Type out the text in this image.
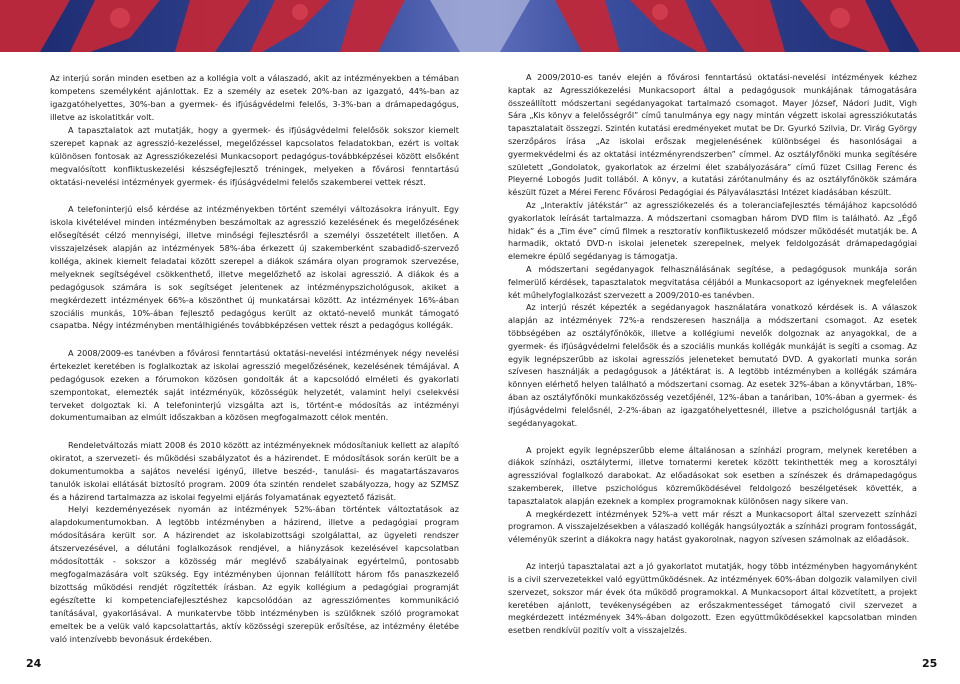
Az interjú során minden esetben az a kollégia volt a válaszadó, akit az intézményekben a témában kompetens személyként ajánlottak. Ez a személy az esetek 20%-ban az igazgató, 44%-ban az igazgatóhelyettes, 30%-ban a gyermek- és ifjúságvédelmi felelős, 3-3%-ban a drámapedagógus, illetve az iskolatitkár volt.

A tapasztalatok azt mutatják, hogy a gyermek- és ifjúságvédelmi felelősök sokszor kiemelt szerepet kapnak az agresszió-kezeléssel, megelőzéssel kapcsolatos feladatokban, ezért is voltak különösen fontosak az Agressziókezelési Munkacsoport pedagógus-továbbképzései között elsőként megvalósított konfliktuskezelési készségfejlesztő tréningek, melyeken a fővárosi fenntartású oktatási-nevelési intézmények gyermek- és ifjúságvédelmi felelős szakemberei vettek részt.

A telefoninterjú első kérdése az intézményekben történt személyi változásokra irányult. Egy iskola kivételével minden intézményben beszámoltak az agresszió kezelésének és megelőzésének elősegítését célzó mennyiségi, illetve minőségi fejlesztésről a személyi összetételt illetően. A visszajelzések alapján az intézmények 58%-ába érkezett új szakemberként szabadidő-szervező kolléga, akinek kiemelt feladatai között szerepel a diákok számára olyan programok szervezése, melyeknek segítségével csökkenthető, illetve megelőzhető az iskolai agresszió. A diákok és a pedagógusok számára is sok segítséget jelentenek az intézménypszichológusok, akiket a megkérdezett intézmények 66%-a köszönthet új munkatársai között. Az intézmények 16%-ában szociális munkás, 10%-ában fejlesztő pedagógus került az oktató-nevelő munkát támogató csapatba. Négy intézményben mentálhigiénés továbbképzésen vettek részt a pedagógus kollégák.

A 2008/2009-es tanévben a fővárosi fenntartású oktatási-nevelési intézmények négy nevelési értekezlet keretében is foglalkoztak az iskolai agresszió megelőzésének, kezelésének témájával. A pedagógusok ezeken a fórumokon közösen gondolták át a kapcsolódó elméleti és gyakorlati szempontokat, elemezték saját intézményük, közösségük helyzetét, valamint helyi cselekvési terveket dolgoztak ki. A telefoninterjú vizsgálta azt is, történt-e módosítás az intézményi dokumentumaiban az elmúlt időszakban a közösen megfogalmazott célok mentén.

Rendeletváltozás miatt 2008 és 2010 között az intézményeknek módosítaniuk kellett az alapító okiratot, a szervezeti- és működési szabályzatot és a házirendet. E módosítások során került be a dokumentumokba a sajátos nevelési igényű, illetve beszéd-, tanulási- és magatartászavaros tanulók iskolai ellátását biztosító program. 2009 óta szintén rendelet szabályozza, hogy az SZMSZ és a házirend tartalmazza az iskolai fegyelmi eljárás folyamatának egyeztető fázisát.

Helyi kezdeményezések nyomán az intézmények 52%-ában történtek változtatások az alapdokumentumokban. A legtöbb intézményben a házirend, illetve a pedagógiai program módosítására került sor. A házirendet az iskolabizottsági szolgálattal, az ügyeleti rendszer átszervezésével, a délutáni foglalkozások rendjével, a hiányzások kezelésével kapcsolatban módosították - sokszor a közösség már meglévő szabályainak egyértelmű, pontosabb megfogalmazására volt szükség. Egy intézményben újonnan felállított három fős panaszkezelő bizottság működési rendjét rögzítették írásban. Az egyik kollégium a pedagógiai programját egészítette ki kompetenciafejlesztéshez kapcsolódóan az agressziómentes kommunikáció tanításával, gyakorlásával. A munkatervbe több intézményben is szülőknek szóló programokat emeltek be a velük való kapcsolattartás, aktív közösségi szerepük erősítése, az intézmény életébe való intenzívebb bevonásuk érdekében.

A 2009/2010-es tanév elején a fővárosi fenntartású oktatási-nevelési intézmények kézhez kaptak az Agressziókezelési Munkacsoport által a pedagógusok munkájának támogatására összeállított módszertani segédanyagokat tartalmazó csomagot. Mayer József, Nádori Judit, Vigh Sára „Kis könyv a felelősségről” című tanulmánya egy nagy mintán végzett iskolai agressziókutatás tapasztalatait összegzi. Szintén kutatási eredményeket mutat be Dr. Gyurkó Szilvia, Dr. Virág György szerzőpáros írása „Az iskolai erőszak megjelenésének különbségei és hasonlóságai a gyermekvédelmi és az oktatási intézményrendszerben” címmel. Az osztályfőnöki munka segítésére született „Gondolatok, gyakorlatok az érzelmi élet szabályozására” című füzet Csillag Ferenc és Pleyerné Lobogós Judit tollából. A könyv, a kutatási zárótanulmány és az osztályfőnökök számára készült füzet a Mérei Ferenc Fővárosi Pedagógiai és Pályaválasztási Intézet kiadásában készült.

Az „Interaktív játékstár” az agressziókezelés és a toleranciafejlesztés témájához kapcsolódó gyakorlatok leírását tartalmazza. A módszertani csomagban három DVD film is található. Az „Égő hidak” és a „Tim éve” című filmek a resztoratív konfliktuskezelő módszer működését mutatják be. A harmadik, oktató DVD-n iskolai jelenetek szerepelnek, melyek feldolgozását drámapedagógiai elemekre épülő segédanyag is támogatja.

A módszertani segédanyagok felhasználásának segítése, a pedagógusok munkája során felmerülő kérdések, tapasztalatok megvitatása céljából a Munkacsoport az igényeknek megfelelően két műhelyfoglalkozást szervezett a 2009/2010-es tanévben.

Az interjú részét képezték a segédanyagok használatára vonatkozó kérdések is. A válaszok alapján az intézmények 72%-a rendszeresen használja a módszertani csomagot. Az esetek többségében az osztályfőnökök, illetve a kollégiumi nevelők dolgoznak az anyagokkal, de a gyermek- és ifjúságvédelmi felelősök és a szociális munkás kollégák munkáját is segíti a csomag. Az egyik legnépszerűbb az iskolai agresszíós jeleneteket bemutató DVD. A gyakorlati munka során szívesen használják a pedagógusok a Játéktárat is. A legtöbb intézményben a kollégák számára könnyen elérhető helyen található a módszertani csomag. Az esetek 32%-ában a könyvtárban, 18%-ában az osztályfőnöki munkaközösség vezetőjénél, 12%-ában a tanáriban, 10%-ában a gyermek- és ifjúságvédelmi felelősnél, 2-2%-ában az igazgatóhelyettesnél, illetve a pszichológusnál tartják a segédanyagokat.

A projekt egyik legnépszerűbb eleme általánosan a színházi program, melynek keretében a diákok színházi, osztálytermi, illetve tornatermi keretek között tekinthették meg a korosztályi agresszióval foglalkozó darabokat. Az előadásokat sok esetben a színészek és drámapedagógus szakemberek, illetve pszichológus közreműködésével feldolgozó beszélgetések követték, a tapasztalatok alapján ezeknek a komplex programoknak különösen nagy sikere van.

A megkérdezett intézmények 52%-a vett már részt a Munkacsoport által szervezett színházi programon. A visszajelzésekben a válaszadó kollégák hangsúlyozták a színházi program fontosságát, véleményük szerint a diákokra nagy hatást gyakorolnak, nagyon szívesen számolnak az előadások.

Az interjú tapasztalatai azt a jó gyakorlatot mutatják, hogy több intézményben hagyományként is a civil szervezetekkel való együttműködésnek. Az intézmények 60%-ában dolgozik valamilyen civil szervezet, sokszor már évek óta működő programokkal. A Munkacsoport által közvetített, a projekt keretében ajánlott, tevékenységében az erőszakmentességet támogató civil szervezet a megkérdezett intézmények 34%-ában dolgozott. Ezen együttműködésekkel kapcsolatban minden esetben rendkívül pozitív volt a visszajelzés.

24	25
